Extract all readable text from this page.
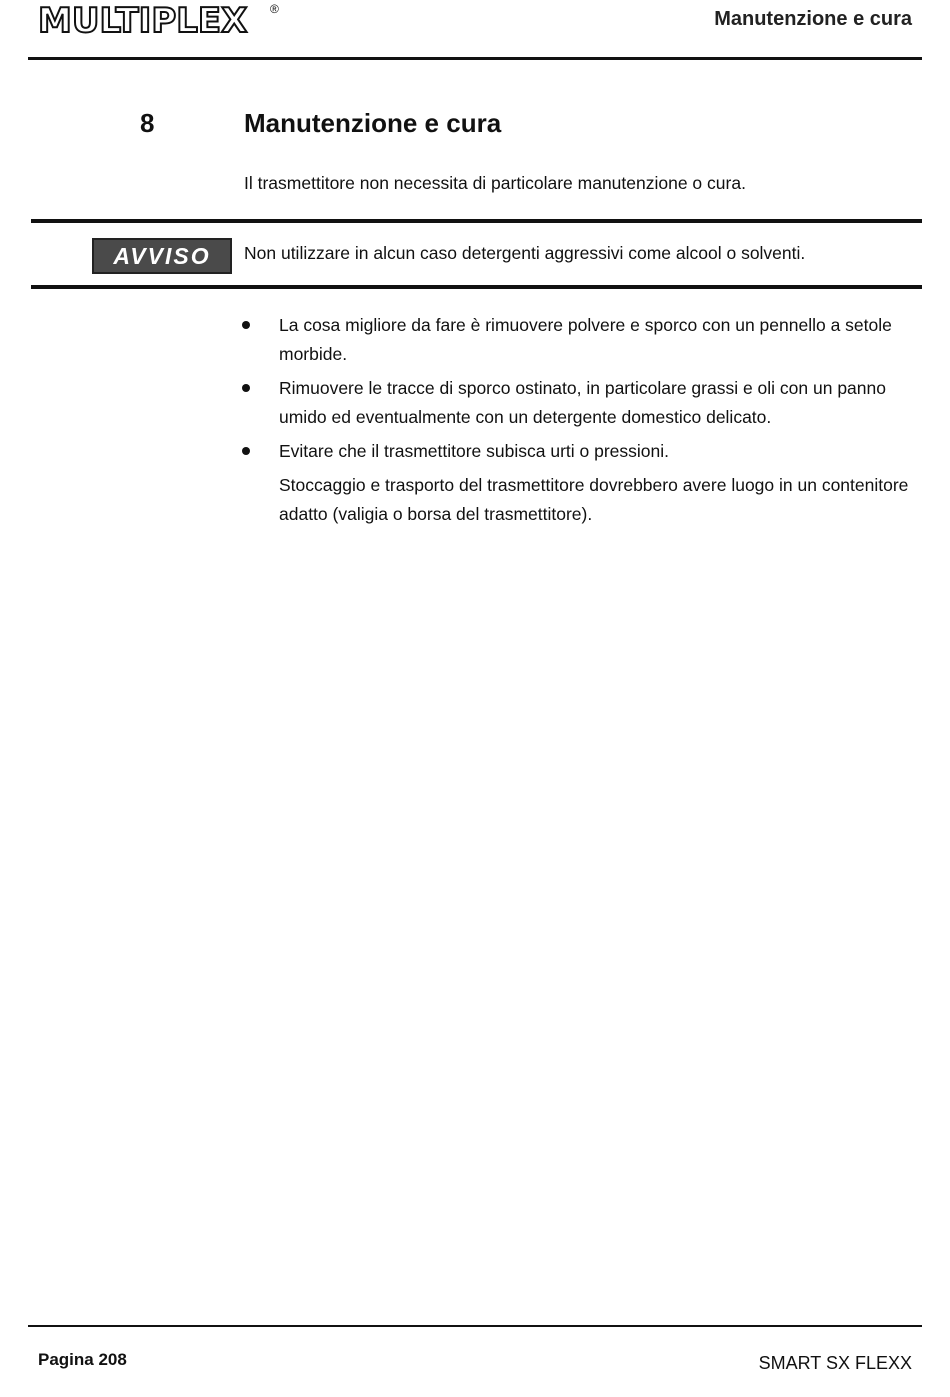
MULTIPLEX ®	Manutenzione e cura
8	Manutenzione e cura
Il trasmettitore non necessita di particolare manutenzione o cura.
AVVISO	Non utilizzare in alcun caso detergenti aggressivi come alcool o solventi.
La cosa migliore da fare è rimuovere polvere e sporco con un pennello a setole morbide.
Rimuovere le tracce di sporco ostinato, in particolare grassi e oli con un panno umido ed eventualmente con un detergente domestico delicato.
Evitare che il trasmettitore subisca urti o pressioni.
Stoccaggio e trasporto del trasmettitore dovrebbero avere luogo in un contenitore adatto (valigia o borsa del trasmettitore).
Pagina 208	SMART SX FLEXX
